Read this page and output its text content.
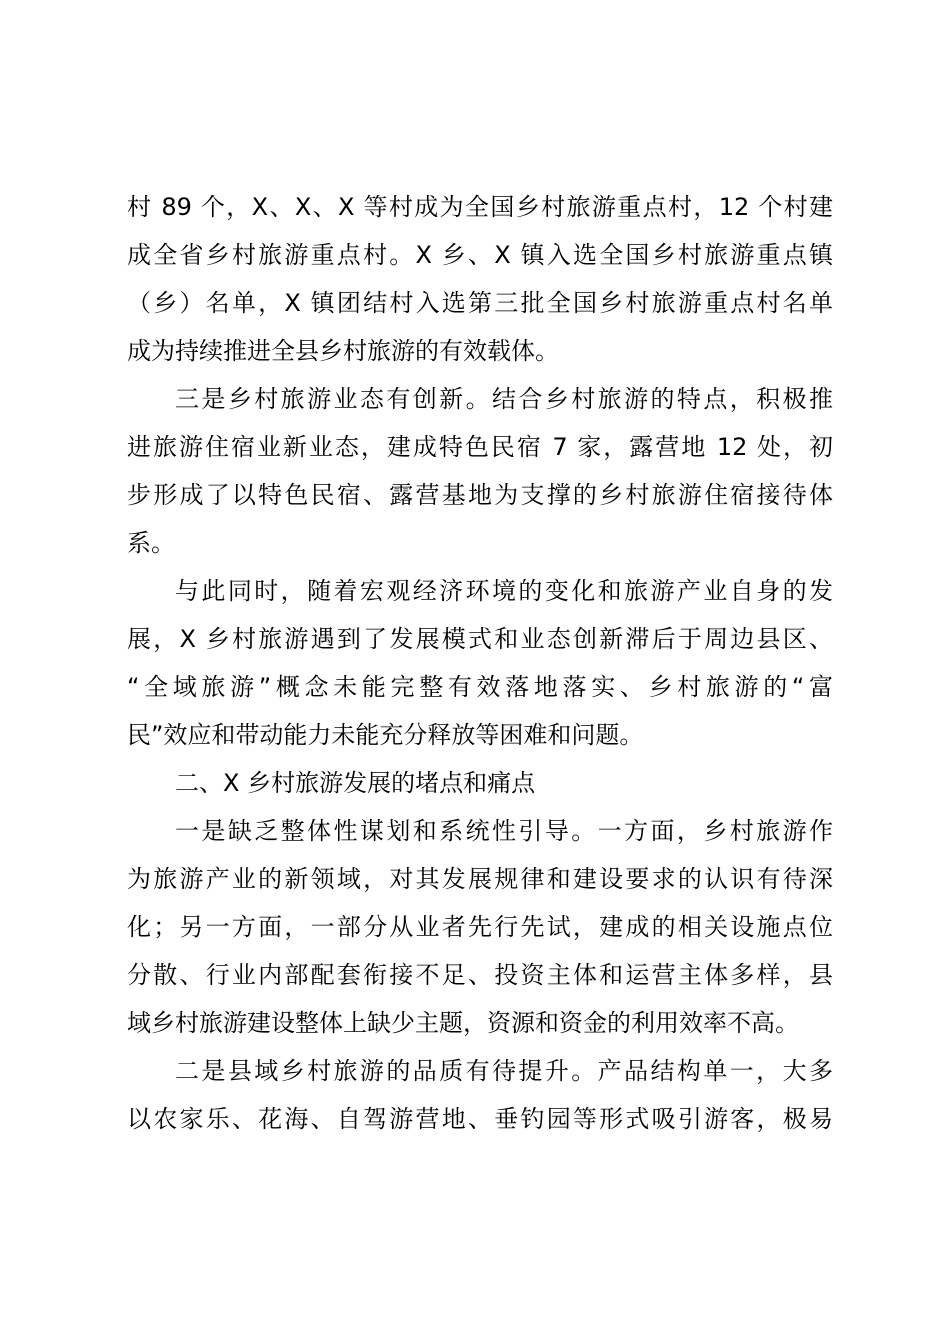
村 89 个，X、X、X 等村成为全国乡村旅游重点村，12 个村建
成全省乡村旅游重点村。X 乡、X 镇入选全国乡村旅游重点镇
（乡）名单，X 镇团结村入选第三批全国乡村旅游重点村名单
成为持续推进全县乡村旅游的有效载体。
三是乡村旅游业态有创新。结合乡村旅游的特点，积极推
进旅游住宿业新业态，建成特色民宿 7 家，露营地 12 处，初
步形成了以特色民宿、露营基地为支撑的乡村旅游住宿接待体
系。
与此同时，随着宏观经济环境的变化和旅游产业自身的发
展，X 乡村旅游遇到了发展模式和业态创新滞后于周边县区、
“全域旅游”概念未能完整有效落地落实、乡村旅游的“富
民”效应和带动能力未能充分释放等困难和问题。
二、X 乡村旅游发展的堵点和痛点
一是缺乏整体性谋划和系统性引导。一方面，乡村旅游作
为旅游产业的新领域，对其发展规律和建设要求的认识有待深
化；另一方面，一部分从业者先行先试，建成的相关设施点位
分散、行业内部配套衔接不足、投资主体和运营主体多样，县
域乡村旅游建设整体上缺少主题，资源和资金的利用效率不高。
二是县域乡村旅游的品质有待提升。产品结构单一，大多
以农家乐、花海、自驾游营地、垂钓园等形式吸引游客，极易
